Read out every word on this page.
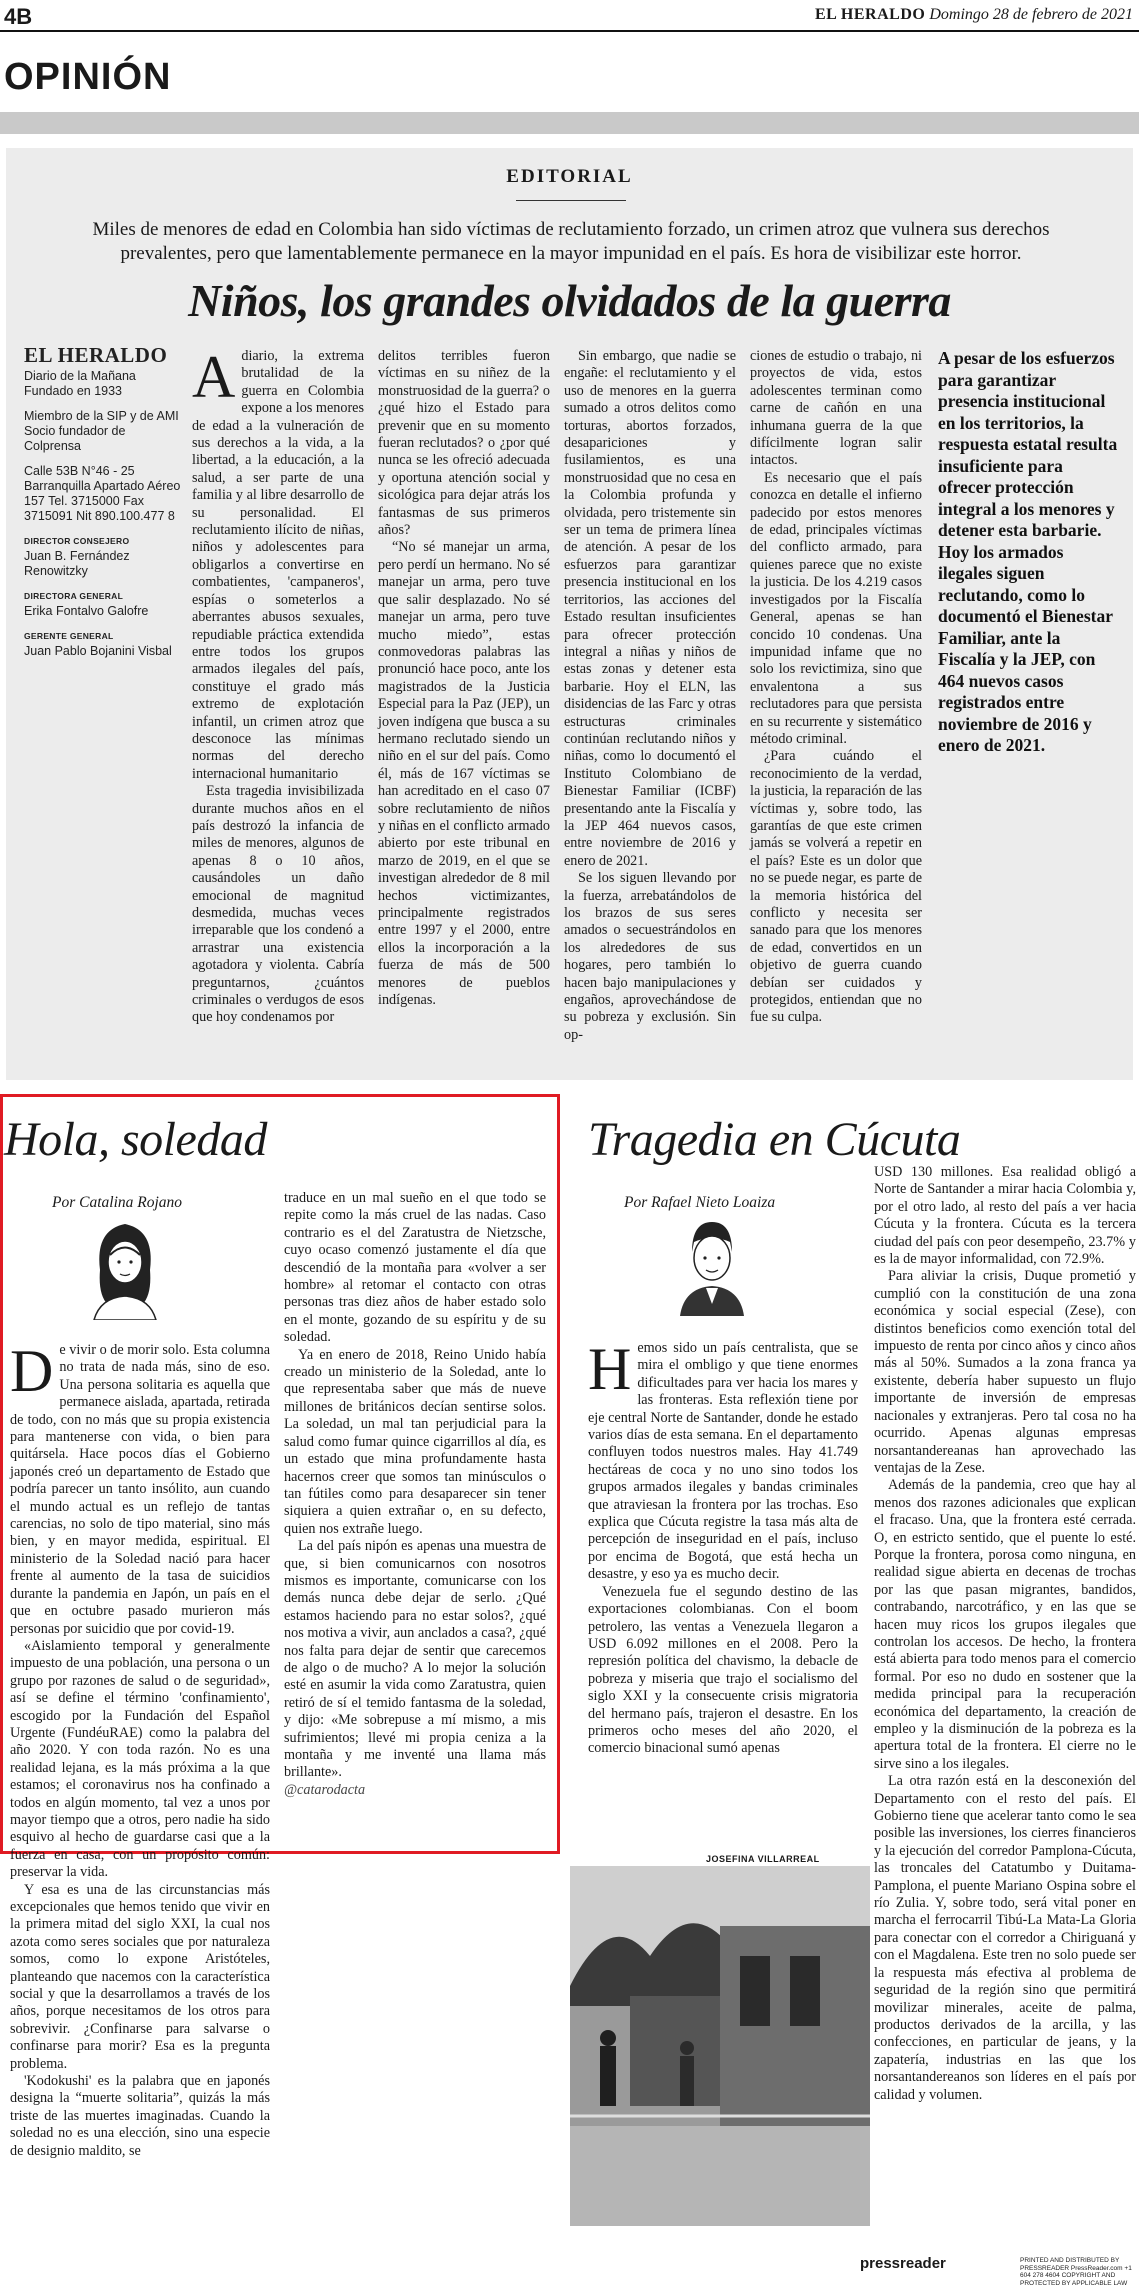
4B	EL HERALDO Domingo 28 de febrero de 2021
OPINIÓN
EDITORIAL
Miles de menores de edad en Colombia han sido víctimas de reclutamiento forzado, un crimen atroz que vulnera sus derechos prevalentes, pero que lamentablemente permanece en la mayor impunidad en el país. Es hora de visibilizar este horror.
Niños, los grandes olvidados de la guerra
EL HERALDO

Diario de la Mañana Fundado en 1933

Miembro de la SIP y de AMI Socio fundador de Colprensa

Calle 53B N°46 - 25 Barranquilla Apartado Aéreo 157 Tel. 3715000 Fax 3715091 Nit 890.100.477 8

DIRECTOR CONSEJERO
Juan B. Fernández Renowitzky
DIRECTORA GENERAL
Erika Fontalvo Galofre
GERENTE GENERAL
Juan Pablo Bojanini Visbal

Adiario, la extrema brutalidad de la guerra en Colombia expone a los menores de edad a la vulneración de sus derechos a la vida, a la libertad, a la educación, a la salud, a ser parte de una familia y al libre desarrollo de su personalidad. El reclutamiento ilícito de niñas, niños y adolescentes para obligarlos a convertirse en combatientes, 'campaneros', espías o someterlos a aberrantes abusos sexuales, repudiable práctica extendida entre todos los grupos armados ilegales del país, constituye el grado más extremo de explotación infantil, un crimen atroz que desconoce las mínimas normas del derecho internacional humanitario

Esta tragedia invisibilizada durante muchos años en el país destrozó la infancia de miles de menores, algunos de apenas 8 o 10 años, causándoles un daño emocional de magnitud desmedida, muchas veces irreparable que los condenó a arrastrar una existencia agotadora y violenta. Cabría preguntarnos, ¿cuántos criminales o verdugos de esos que hoy condenamos por

delitos terribles fueron víctimas en su niñez de la monstruosidad de la guerra? o ¿qué hizo el Estado para prevenir que en su momento fueran reclutados? o ¿por qué nunca se les ofreció adecuada y oportuna atención social y sicológica para dejar atrás los fantasmas de sus primeros años?

“No sé manejar un arma, pero perdí un hermano. No sé manejar un arma, pero tuve que salir desplazado. No sé manejar un arma, pero tuve mucho miedo”, estas conmovedoras palabras las pronunció hace poco, ante los magistrados de la Justicia Especial para la Paz (JEP), un joven indígena que busca a su hermano reclutado siendo un niño en el sur del país. Como él, más de 167 víctimas se han acreditado en el caso 07 sobre reclutamiento de niños y niñas en el conflicto armado abierto por este tribunal en marzo de 2019, en el que se investigan alrededor de 8 mil hechos victimizantes, principalmente registrados entre 1997 y el 2000, entre ellos la incorporación a la fuerza de más de 500 menores de pueblos indígenas.

Sin embargo, que nadie se engañe: el reclutamiento y el uso de menores en la guerra sumado a otros delitos como torturas, abortos forzados, desapariciones y fusilamientos, es una monstruosidad que no cesa en la Colombia profunda y olvidada, pero tristemente sin ser un tema de primera línea de atención. A pesar de los esfuerzos para garantizar presencia institucional en los territorios, las acciones del Estado resultan insuficientes para ofrecer protección integral a niñas y niños de estas zonas y detener esta barbarie. Hoy el ELN, las disidencias de las Farc y otras estructuras criminales continúan reclutando niños y niñas, como lo documentó el Instituto Colombiano de Bienestar Familiar (ICBF) presentando ante la Fiscalía y la JEP 464 nuevos casos, entre noviembre de 2016 y enero de 2021.

Se los siguen llevando por la fuerza, arrebatándolos de los brazos de sus seres amados o secuestrándolos en los alrededores de sus hogares, pero también lo hacen bajo manipulaciones y engaños, aprovechándose de su pobreza y exclusión. Sin op-

ciones de estudio o trabajo, ni proyectos de vida, estos adolescentes terminan como carne de cañón en una inhumana guerra de la que difícilmente logran salir intactos.

Es necesario que el país conozca en detalle el infierno padecido por estos menores de edad, principales víctimas del conflicto armado, para quienes parece que no existe la justicia. De los 4.219 casos investigados por la Fiscalía General, apenas se han concido 10 condenas. Una impunidad infame que no solo los revictimiza, sino que envalentona a sus reclutadores para que persista en su recurrente y sistemático método criminal.

¿Para cuándo el reconocimiento de la verdad, la justicia, la reparación de las víctimas y, sobre todo, las garantías de que este crimen jamás se volverá a repetir en el país? Este es un dolor que no se puede negar, es parte de la memoria histórica del conflicto y necesita ser sanado para que los menores de edad, convertidos en un objetivo de guerra cuando debían ser cuidados y protegidos, entiendan que no fue su culpa.

A pesar de los esfuerzos para garantizar presencia institucional en los territorios, la respuesta estatal resulta insuficiente para ofrecer protección integral a los menores y detener esta barbarie. Hoy los armados ilegales siguen reclutando, como lo documentó el Bienestar Familiar, ante la Fiscalía y la JEP, con 464 nuevos casos registrados entre noviembre de 2016 y enero de 2021.
Hola, soledad
Por Catalina Rojano

De vivir o de morir solo. Esta columna no trata de nada más, sino de eso. Una persona solitaria es aquella que permanece aislada, apartada, retirada de todo, con no más que su propia existencia para mantenerse con vida, o bien para quitársela. Hace pocos días el Gobierno japonés creó un departamento de Estado que podría parecer un tanto insólito, aun cuando el mundo actual es un reflejo de tantas carencias, no solo de tipo material, sino más bien, y en mayor medida, espiritual. El ministerio de la Soledad nació para hacer frente al aumento de la tasa de suicidios durante la pandemia en Japón, un país en el que en octubre pasado murieron más personas por suicidio que por covid-19.

«Aislamiento temporal y generalmente impuesto de una población, una persona o un grupo por razones de salud o de seguridad», así se define el término 'confinamiento', escogido por la Fundación del Español Urgente (FundéuRAE) como la palabra del año 2020. Y con toda razón. No es una realidad lejana, es la más próxima a la que estamos; el coronavirus nos ha confinado a todos en algún momento, tal vez a unos por mayor tiempo que a otros, pero nadie ha sido esquivo al hecho de guardarse casi que a la fuerza en casa, con un propósito común: preservar la vida.

Y esa es una de las circunstancias más excepcionales que hemos tenido que vivir en la primera mitad del siglo XXI, la cual nos azota como seres sociales que por naturaleza somos, como lo expone Aristóteles, planteando que nacemos con la característica social y que la desarrollamos a través de los años, porque necesitamos de los otros para sobrevivir. ¿Confinarse para salvarse o confinarse para morir? Esa es la pregunta problema.

'Kodokushi' es la palabra que en japonés designa la “muerte solitaria”, quizás la más triste de las muertes imaginadas. Cuando la soledad no es una elección, sino una especie de designio maldito, se

traduce en un mal sueño en el que todo se repite como la más cruel de las nadas. Caso contrario es el del Zaratustra de Nietzsche, cuyo ocaso comenzó justamente el día que descendió de la montaña para «volver a ser hombre» al retomar el contacto con otras personas tras diez años de haber estado solo en el monte, gozando de su espíritu y de su soledad.

Ya en enero de 2018, Reino Unido había creado un ministerio de la Soledad, ante lo que representaba saber que más de nueve millones de británicos decían sentirse solos. La soledad, un mal tan perjudicial para la salud como fumar quince cigarrillos al día, es un estado que mina profundamente hasta hacernos creer que somos tan minúsculos o tan fútiles como para desaparecer sin tener siquiera a quien extrañar o, en su defecto, quien nos extrañe luego.

La del país nipón es apenas una muestra de que, si bien comunicarnos con nosotros mismos es importante, comunicarse con los demás nunca debe dejar de serlo. ¿Qué estamos haciendo para no estar solos?, ¿qué nos motiva a vivir, aun anclados a casa?, ¿qué nos falta para dejar de sentir que carecemos de algo o de mucho? A lo mejor la solución esté en asumir la vida como Zaratustra, quien retiró de sí el temido fantasma de la soledad, y dijo: «Me sobrepuse a mí mismo, a mis sufrimientos; llevé mi propia ceniza a la montaña y me inventé una llama más brillante».

@catarodacta

Tragedia en Cúcuta
Por Rafael Nieto Loaiza

Hemos sido un país centralista, que se mira el ombligo y que tiene enormes dificultades para ver hacia los mares y las fronteras. Esta reflexión tiene por eje central Norte de Santander, donde he estado varios días de esta semana. En el departamento confluyen todos nuestros males. Hay 41.749 hectáreas de coca y no uno sino todos los grupos armados ilegales y bandas criminales que atraviesan la frontera por las trochas. Eso explica que Cúcuta registre la tasa más alta de percepción de inseguridad en el país, incluso por encima de Bogotá, que está hecha un desastre, y eso ya es mucho decir.

Venezuela fue el segundo destino de las exportaciones colombianas. Con el boom petrolero, las ventas a Venezuela llegaron a USD 6.092 millones en el 2008. Pero la represión política del chavismo, la debacle de pobreza y miseria que trajo el socialismo del siglo XXI y la consecuente crisis migratoria del hermano país, trajeron el desastre. En los primeros ocho meses del año 2020, el comercio binacional sumó apenas

USD 130 millones. Esa realidad obligó a Norte de Santander a mirar hacia Colombia y, por el otro lado, al resto del país a ver hacia Cúcuta y la frontera. Cúcuta es la tercera ciudad del país con peor desempeño, 23.7% y es la de mayor informalidad, con 72.9%.

Para aliviar la crisis, Duque prometió y cumplió con la constitución de una zona económica y social especial (Zese), con distintos beneficios como exención total del impuesto de renta por cinco años y cinco años más al 50%. Sumados a la zona franca ya existente, debería haber supuesto un flujo importante de inversión de empresas nacionales y extranjeras. Pero tal cosa no ha ocurrido. Apenas algunas empresas norsantandereanas han aprovechado las ventajas de la Zese.

Además de la pandemia, creo que hay al menos dos razones adicionales que explican el fracaso. Una, que la frontera esté cerrada. O, en estricto sentido, que el puente lo esté. Porque la frontera, porosa como ninguna, en realidad sigue abierta en decenas de trochas por las que pasan migrantes, bandidos, contrabando, narcotráfico, y en las que se hacen muy ricos los grupos ilegales que controlan los accesos. De hecho, la frontera está abierta para todo menos para el comercio formal. Por eso no dudo en sostener que la medida principal para la recuperación económica del departamento, la creación de empleo y la disminución de la pobreza es la apertura total de la frontera. El cierre no le sirve sino a los ilegales.

La otra razón está en la desconexión del Departamento con el resto del país. El Gobierno tiene que acelerar tanto como le sea posible las inversiones, los cierres financieros y la ejecución del corredor Pamplona-Cúcuta, las troncales del Catatumbo y Duitama-Pamplona, el puente Mariano Ospina sobre el río Zulia. Y, sobre todo, será vital poner en marcha el ferrocarril Tibú-La Mata-La Gloria para conectar con el corredor a Chiriguaná y con el Magdalena. Este tren no solo puede ser la respuesta más efectiva al problema de seguridad de la región sino que permitirá movilizar minerales, aceite de palma, productos derivados de la arcilla, y las confecciones, en particular de jeans, y la zapatería, industrias en las que los norsantandereanos son líderes en el país por calidad y volumen.

JOSEFINA VILLARREAL
pressreader	PRINTED AND DISTRIBUTED BY PRESSREADER PressReader.com +1 604 278 4604 COPYRIGHT AND PROTECTED BY APPLICABLE LAW
